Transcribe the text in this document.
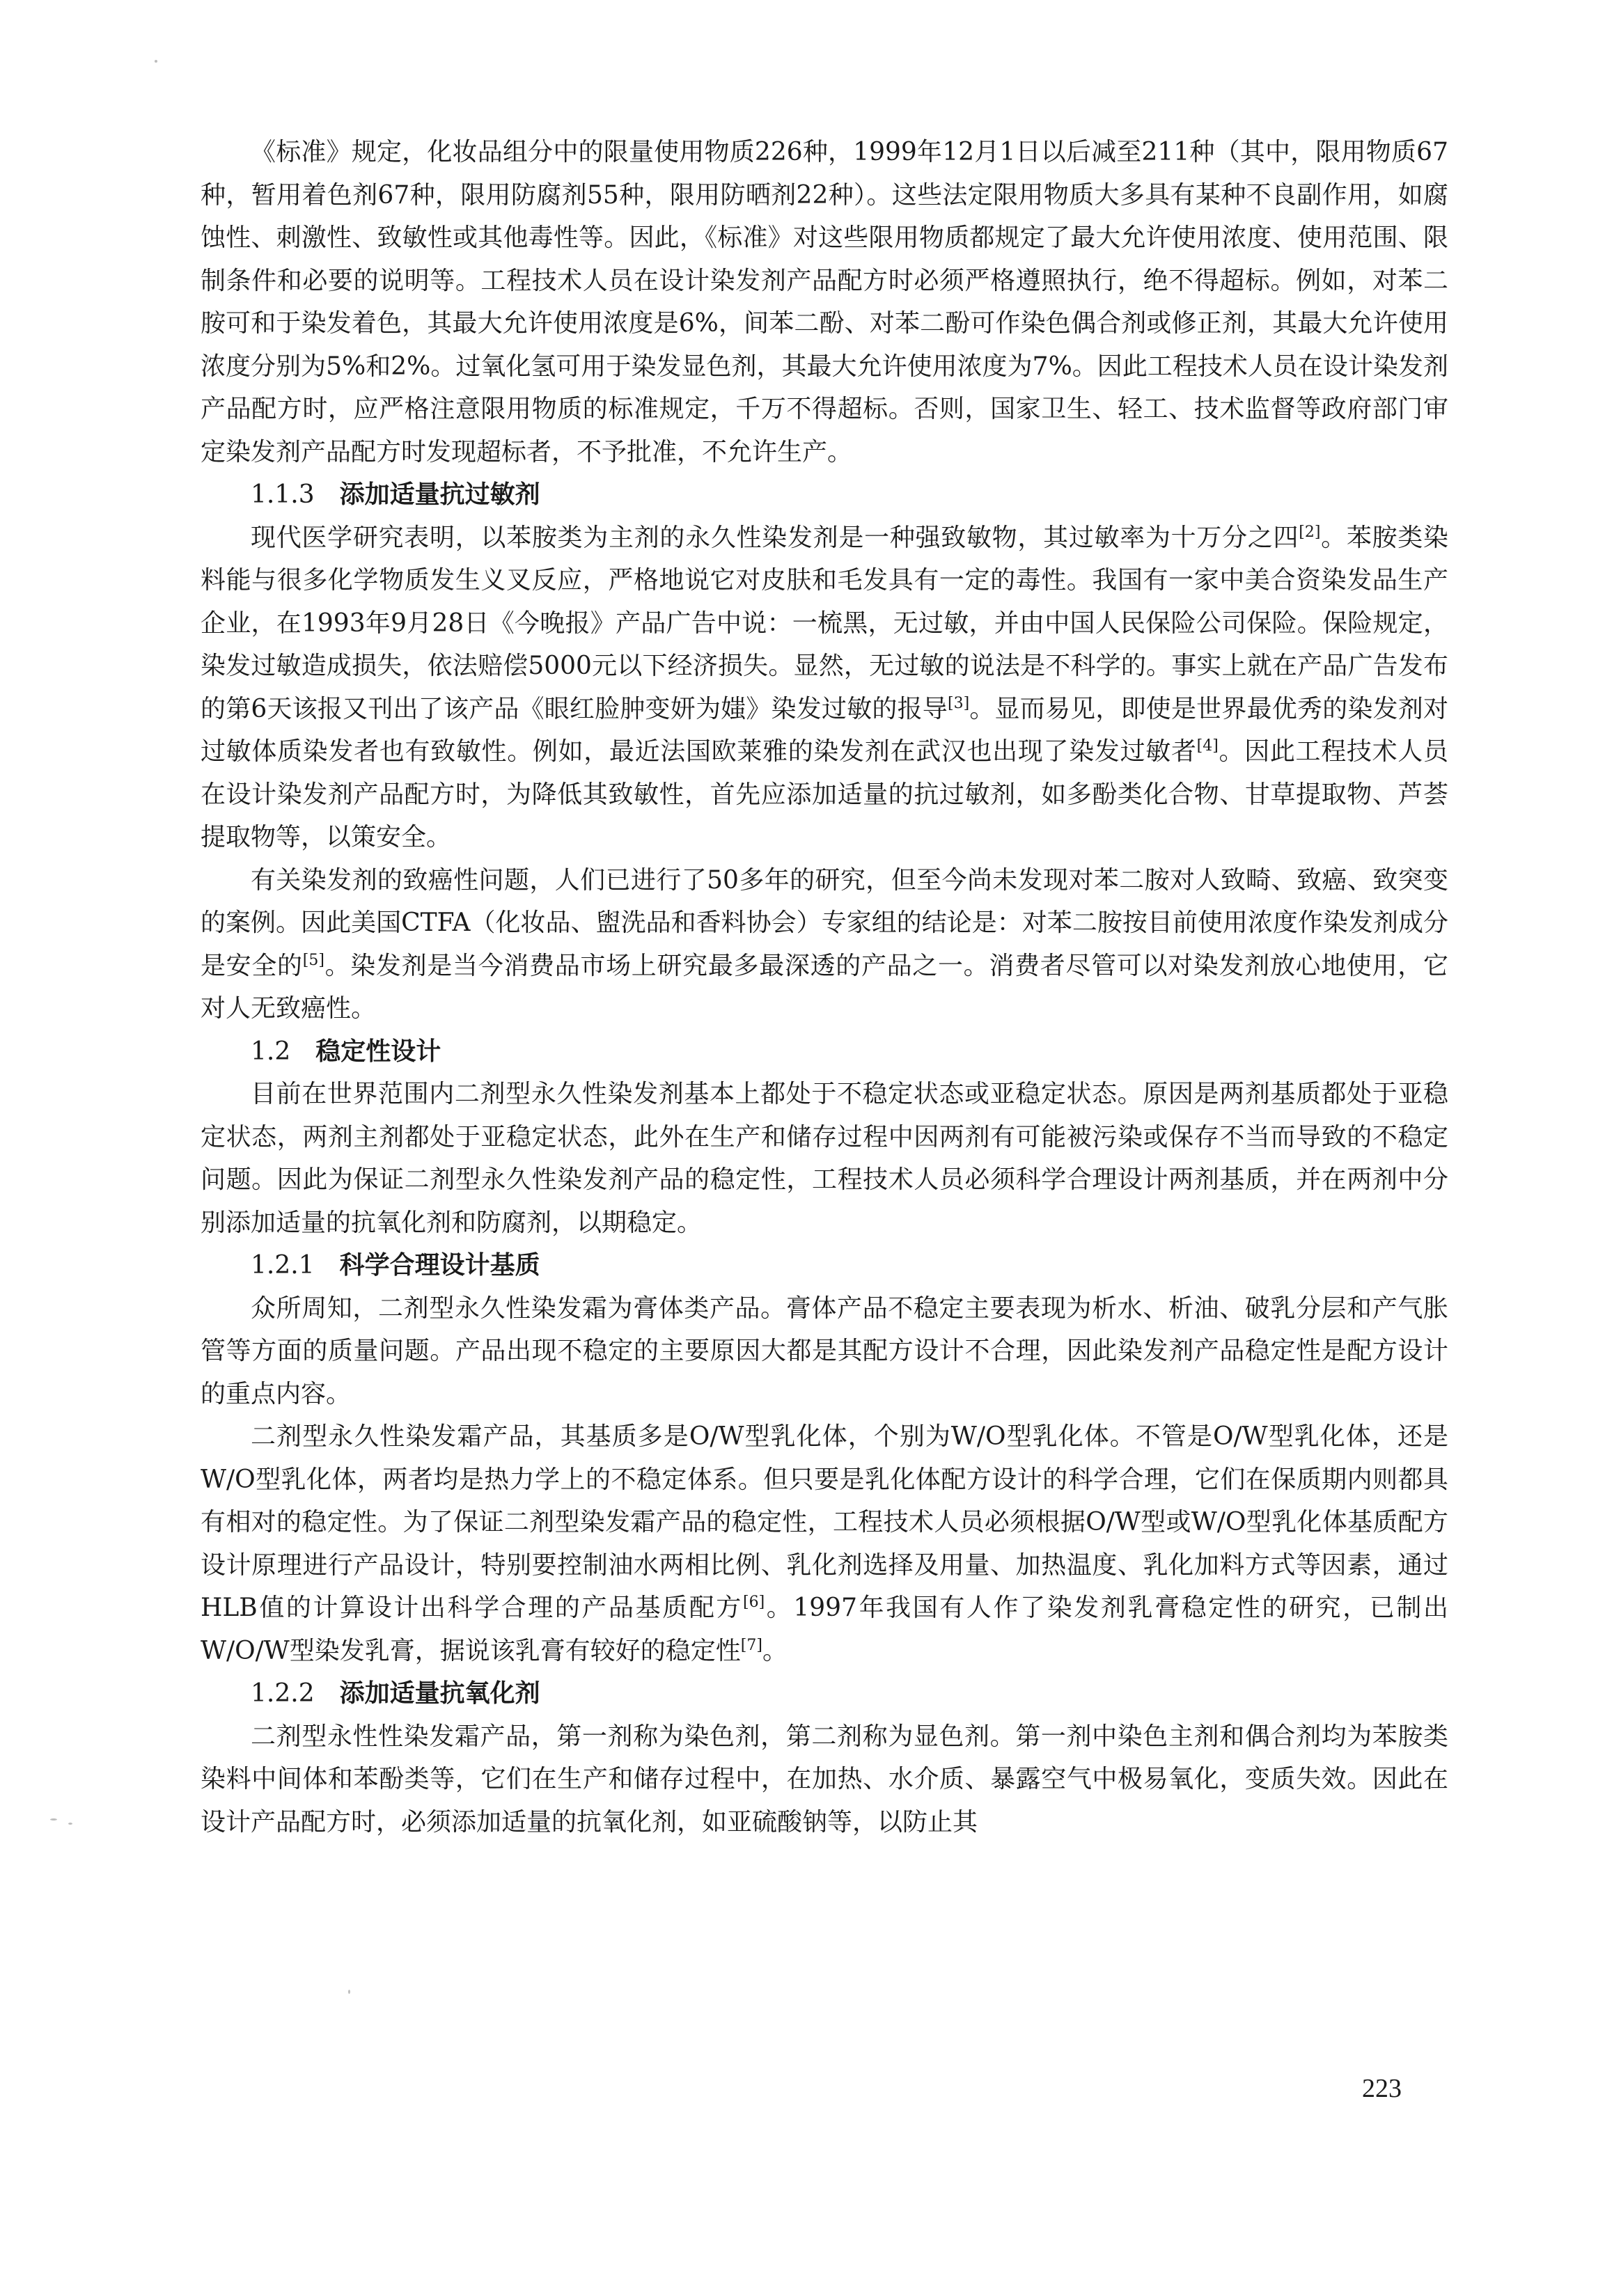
《标准》规定，化妆品组分中的限量使用物质226种，1999年12月1日以后减至211种（其中，限用物质67种，暂用着色剂67种，限用防腐剂55种，限用防晒剂22种）。这些法定限用物质大多具有某种不良副作用，如腐蚀性、刺激性、致敏性或其他毒性等。因此，《标准》对这些限用物质都规定了最大允许使用浓度、使用范围、限制条件和必要的说明等。工程技术人员在设计染发剂产品配方时必须严格遵照执行，绝不得超标。例如，对苯二胺可和于染发着色，其最大允许使用浓度是6%，间苯二酚、对苯二酚可作染色偶合剂或修正剂，其最大允许使用浓度分别为5%和2%。过氧化氢可用于染发显色剂，其最大允许使用浓度为7%。因此工程技术人员在设计染发剂产品配方时，应严格注意限用物质的标准规定，千万不得超标。否则，国家卫生、轻工、技术监督等政府部门审定染发剂产品配方时发现超标者，不予批准，不允许生产。

1.1.3 添加适量抗过敏剂

现代医学研究表明，以苯胺类为主剂的永久性染发剂是一种强致敏物，其过敏率为十万分之四[2]。苯胺类染料能与很多化学物质发生义叉反应，严格地说它对皮肤和毛发具有一定的毒性。我国有一家中美合资染发品生产企业，在1993年9月28日《今晚报》产品广告中说：一梳黑，无过敏，并由中国人民保险公司保险。保险规定，染发过敏造成损失，依法赔偿5000元以下经济损失。显然，无过敏的说法是不科学的。事实上就在产品广告发布的第6天该报又刊出了该产品《眼红脸肿变妍为媸》染发过敏的报导[3]。显而易见，即使是世界最优秀的染发剂对过敏体质染发者也有致敏性。例如，最近法国欧莱雅的染发剂在武汉也出现了染发过敏者[4]。因此工程技术人员在设计染发剂产品配方时，为降低其致敏性，首先应添加适量的抗过敏剂，如多酚类化合物、甘草提取物、芦荟提取物等，以策安全。

有关染发剂的致癌性问题，人们已进行了50多年的研究，但至今尚未发现对苯二胺对人致畸、致癌、致突变的案例。因此美国CTFA（化妆品、盥洗品和香料协会）专家组的结论是：对苯二胺按目前使用浓度作染发剂成分是安全的[5]。染发剂是当今消费品市场上研究最多最深透的产品之一。消费者尽管可以对染发剂放心地使用，它对人无致癌性。

1.2 稳定性设计

目前在世界范围内二剂型永久性染发剂基本上都处于不稳定状态或亚稳定状态。原因是两剂基质都处于亚稳定状态，两剂主剂都处于亚稳定状态，此外在生产和储存过程中因两剂有可能被污染或保存不当而导致的不稳定问题。因此为保证二剂型永久性染发剂产品的稳定性，工程技术人员必须科学合理设计两剂基质，并在两剂中分别添加适量的抗氧化剂和防腐剂，以期稳定。

1.2.1 科学合理设计基质

众所周知，二剂型永久性染发霜为膏体类产品。膏体产品不稳定主要表现为析水、析油、破乳分层和产气胀管等方面的质量问题。产品出现不稳定的主要原因大都是其配方设计不合理，因此染发剂产品稳定性是配方设计的重点内容。

二剂型永久性染发霜产品，其基质多是O/W型乳化体，个别为W/O型乳化体。不管是O/W型乳化体，还是W/O型乳化体，两者均是热力学上的不稳定体系。但只要是乳化体配方设计的科学合理，它们在保质期内则都具有相对的稳定性。为了保证二剂型染发霜产品的稳定性，工程技术人员必须根据O/W型或W/O型乳化体基质配方设计原理进行产品设计，特别要控制油水两相比例、乳化剂选择及用量、加热温度、乳化加料方式等因素，通过HLB值的计算设计出科学合理的产品基质配方[6]。1997年我国有人作了染发剂乳膏稳定性的研究，已制出W/O/W型染发乳膏，据说该乳膏有较好的稳定性[7]。

1.2.2 添加适量抗氧化剂

二剂型永性性染发霜产品，第一剂称为染色剂，第二剂称为显色剂。第一剂中染色主剂和偶合剂均为苯胺类染料中间体和苯酚类等，它们在生产和储存过程中，在加热、水介质、暴露空气中极易氧化，变质失效。因此在设计产品配方时，必须添加适量的抗氧化剂，如亚硫酸钠等，以防止其

223
